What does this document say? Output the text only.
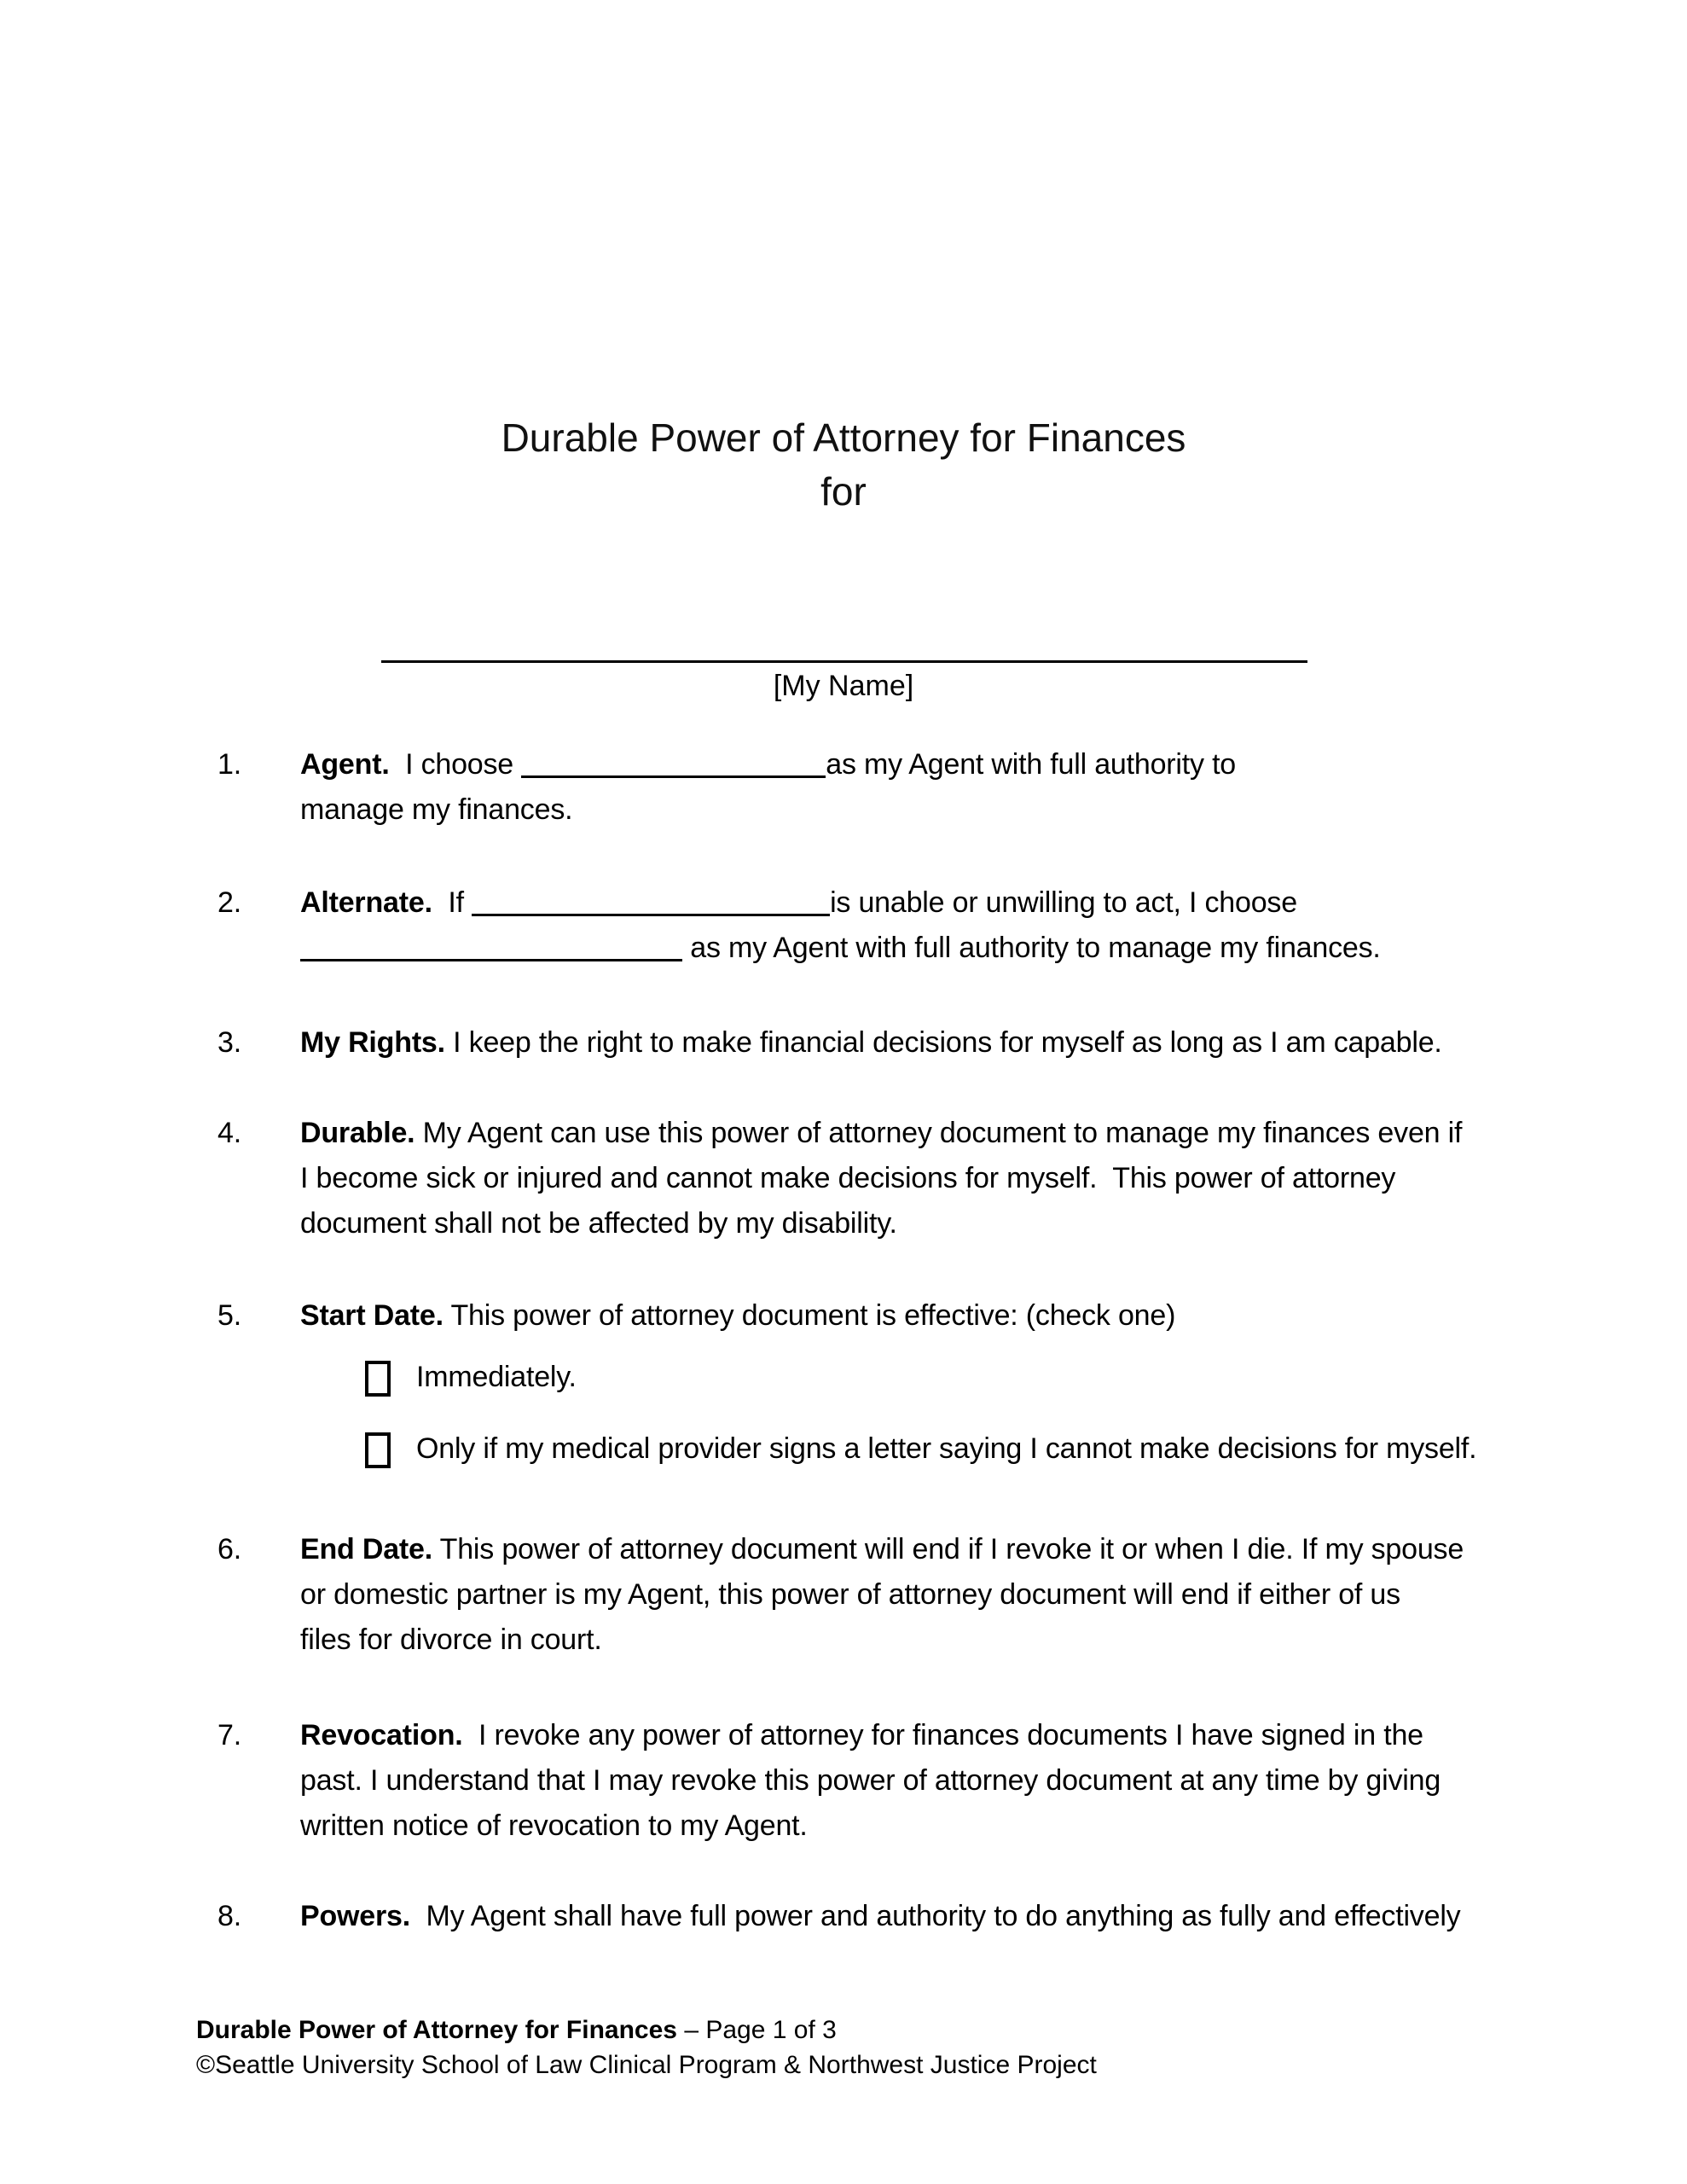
Durable Power of Attorney for Finances
for
[My Name]
1.	Agent.  I choose	as my Agent with full authority to
manage my finances.
2.	Alternate.  If	is unable or unwilling to act, I choose
as my Agent with full authority to manage my finances.
3.	My Rights. I keep the right to make financial decisions for myself as long as I am capable.
4.	Durable. My Agent can use this power of attorney document to manage my finances even if
I become sick or injured and cannot make decisions for myself.  This power of attorney
document shall not be affected by my disability.
5.	Start Date. This power of attorney document is effective: (check one)
Immediately.
Only if my medical provider signs a letter saying I cannot make decisions for myself.
6.	End Date. This power of attorney document will end if I revoke it or when I die. If my spouse
or domestic partner is my Agent, this power of attorney document will end if either of us
files for divorce in court.
7.	Revocation.  I revoke any power of attorney for finances documents I have signed in the
past. I understand that I may revoke this power of attorney document at any time by giving
written notice of revocation to my Agent.
8.	Powers.  My Agent shall have full power and authority to do anything as fully and effectively
Durable Power of Attorney for Finances – Page 1 of 3
©Seattle University School of Law Clinical Program & Northwest Justice Project
